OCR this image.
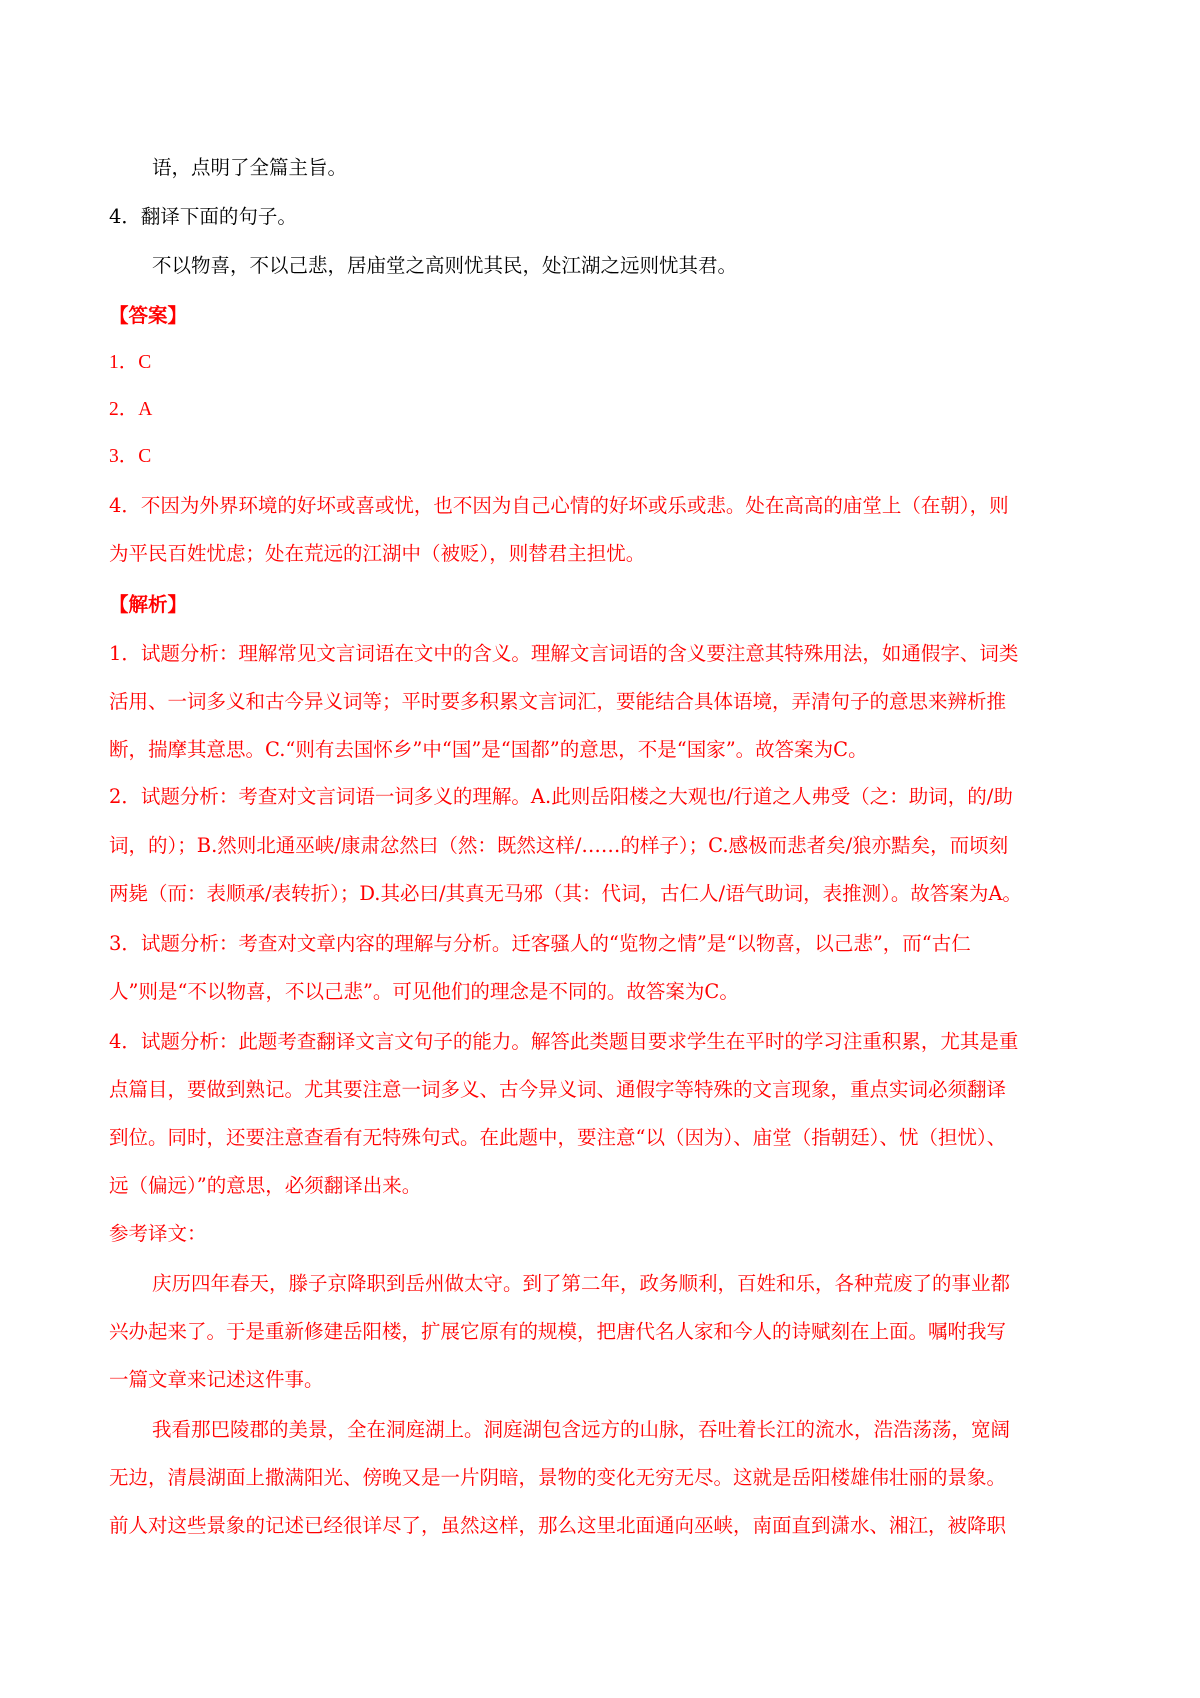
语，点明了全篇主旨。
4．翻译下面的句子。
不以物喜，不以己悲，居庙堂之高则忧其民，处江湖之远则忧其君。
【答案】
1．C
2．A
3．C
4．不因为外界环境的好坏或喜或忧，也不因为自己心情的好坏或乐或悲。处在高高的庙堂上（在朝），则
为平民百姓忧虑；处在荒远的江湖中（被贬），则替君主担忧。
【解析】
1．试题分析：理解常见文言词语在文中的含义。理解文言词语的含义要注意其特殊用法，如通假字、词类
活用、一词多义和古今异义词等；平时要多积累文言词汇，要能结合具体语境，弄清句子的意思来辨析推
断，揣摩其意思。C.“则有去国怀乡”中“国”是“国都”的意思，不是“国家”。故答案为C。
2．试题分析：考查对文言词语一词多义的理解。A.此则岳阳楼之大观也/行道之人弗受（之：助词，的/助
词，的）；B.然则北通巫峡/康肃忿然曰（然：既然这样/……的样子）；C.感极而悲者矣/狼亦黠矣，而顷刻
两毙（而：表顺承/表转折）；D.其必曰/其真无马邪（其：代词，古仁人/语气助词，表推测）。故答案为A。
3．试题分析：考查对文章内容的理解与分析。迁客骚人的“览物之情”是“以物喜，以己悲”，而“古仁
人”则是“不以物喜，不以己悲”。可见他们的理念是不同的。故答案为C。
4．试题分析：此题考查翻译文言文句子的能力。解答此类题目要求学生在平时的学习注重积累，尤其是重
点篇目，要做到熟记。尤其要注意一词多义、古今异义词、通假字等特殊的文言现象，重点实词必须翻译
到位。同时，还要注意查看有无特殊句式。在此题中，要注意“以（因为）、庙堂（指朝廷）、忧（担忧）、
远（偏远）”的意思，必须翻译出来。
参考译文：
庆历四年春天，滕子京降职到岳州做太守。到了第二年，政务顺利，百姓和乐，各种荒废了的事业都
兴办起来了。于是重新修建岳阳楼，扩展它原有的规模，把唐代名人家和今人的诗赋刻在上面。嘱咐我写
一篇文章来记述这件事。
我看那巴陵郡的美景，全在洞庭湖上。洞庭湖包含远方的山脉，吞吐着长江的流水，浩浩荡荡，宽阔
无边，清晨湖面上撒满阳光、傍晚又是一片阴暗，景物的变化无穷无尽。这就是岳阳楼雄伟壮丽的景象。
前人对这些景象的记述已经很详尽了，虽然这样，那么这里北面通向巫峡，南面直到潇水、湘江，被降职
